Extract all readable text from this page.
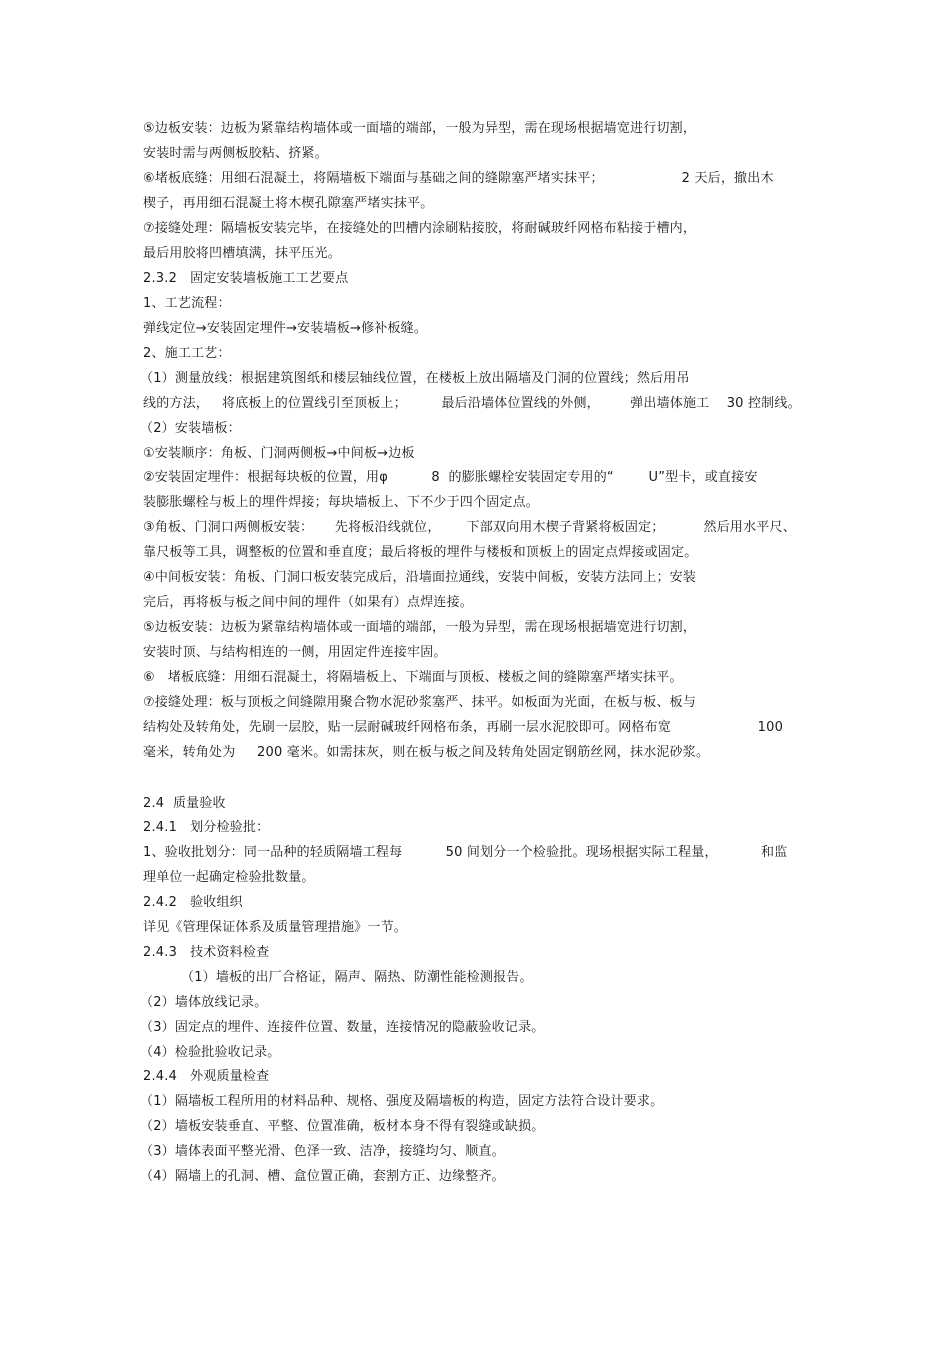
⑤边板安装：边板为紧靠结构墙体或一面墙的端部，一般为异型，需在现场根据墙宽进行切割，
安装时需与两侧板胶粘、挤紧。
⑥堵板底缝：用细石混凝土，将隔墙板下端面与基础之间的缝隙塞严堵实抹平；                  2 天后，撤出木
楔子，再用细石混凝土将木楔孔隙塞严堵实抹平。
⑦接缝处理：隔墙板安装完毕，在接缝处的凹槽内涂刷粘接胶，将耐碱玻纤网格布粘接于槽内，
最后用胶将凹槽填满，抹平压光。
2.3.2   固定安装墙板施工工艺要点
1、工艺流程：
弹线定位→安装固定埋件→安装墙板→修补板缝。
2、施工工艺：
（1）测量放线：根据建筑图纸和楼层轴线位置，在楼板上放出隔墙及门洞的位置线；然后用吊
线的方法，   将底板上的位置线引至顶板上；        最后沿墙体位置线的外侧，       弹出墙体施工    30 控制线。
（2）安装墙板：
①安装顺序：角板、门洞两侧板→中间板→边板
②安装固定埋件：根据每块板的位置，用φ          8  的膨胀螺栓安装固定专用的“        U”型卡，或直接安
装膨胀螺栓与板上的埋件焊接；每块墙板上、下不少于四个固定点。
③角板、门洞口两侧板安装：     先将板沿线就位，      下部双向用木楔子背紧将板固定；         然后用水平尺、
靠尺板等工具，调整板的位置和垂直度；最后将板的埋件与楼板和顶板上的固定点焊接或固定。
④中间板安装：角板、门洞口板安装完成后，沿墙面拉通线，安装中间板，安装方法同上；安装
完后，再将板与板之间中间的埋件（如果有）点焊连接。
⑤边板安装：边板为紧靠结构墙体或一面墙的端部，一般为异型，需在现场根据墙宽进行切割，
安装时顶、与结构相连的一侧，用固定件连接牢固。
⑥   堵板底缝：用细石混凝土，将隔墙板上、下端面与顶板、楼板之间的缝隙塞严堵实抹平。
⑦接缝处理：板与顶板之间缝隙用聚合物水泥砂浆塞严、抹平。如板面为光面，在板与板、板与
结构处及转角处，先刷一层胶，贴一层耐碱玻纤网格布条，再刷一层水泥胶即可。网格布宽                    100
毫米，转角处为     200 毫米。如需抹灰，则在板与板之间及转角处固定钢筋丝网，抹水泥砂浆。
2.4  质量验收
2.4.1   划分检验批：
1、验收批划分：同一品种的轻质隔墙工程每          50 间划分一个检验批。现场根据实际工程量，          和监
理单位一起确定检验批数量。
2.4.2   验收组织
详见《管理保证体系及质量管理措施》一节。
2.4.3   技术资料检查
（1）墙板的出厂合格证，隔声、隔热、防潮性能检测报告。
（2）墙体放线记录。
（3）固定点的埋件、连接件位置、数量，连接情况的隐蔽验收记录。
（4）检验批验收记录。
2.4.4   外观质量检查
（1）隔墙板工程所用的材料品种、规格、强度及隔墙板的构造，固定方法符合设计要求。
（2）墙板安装垂直、平整、位置准确，板材本身不得有裂缝或缺损。
（3）墙体表面平整光滑、色泽一致、洁净，接缝均匀、顺直。
（4）隔墙上的孔洞、槽、盒位置正确，套割方正、边缘整齐。
